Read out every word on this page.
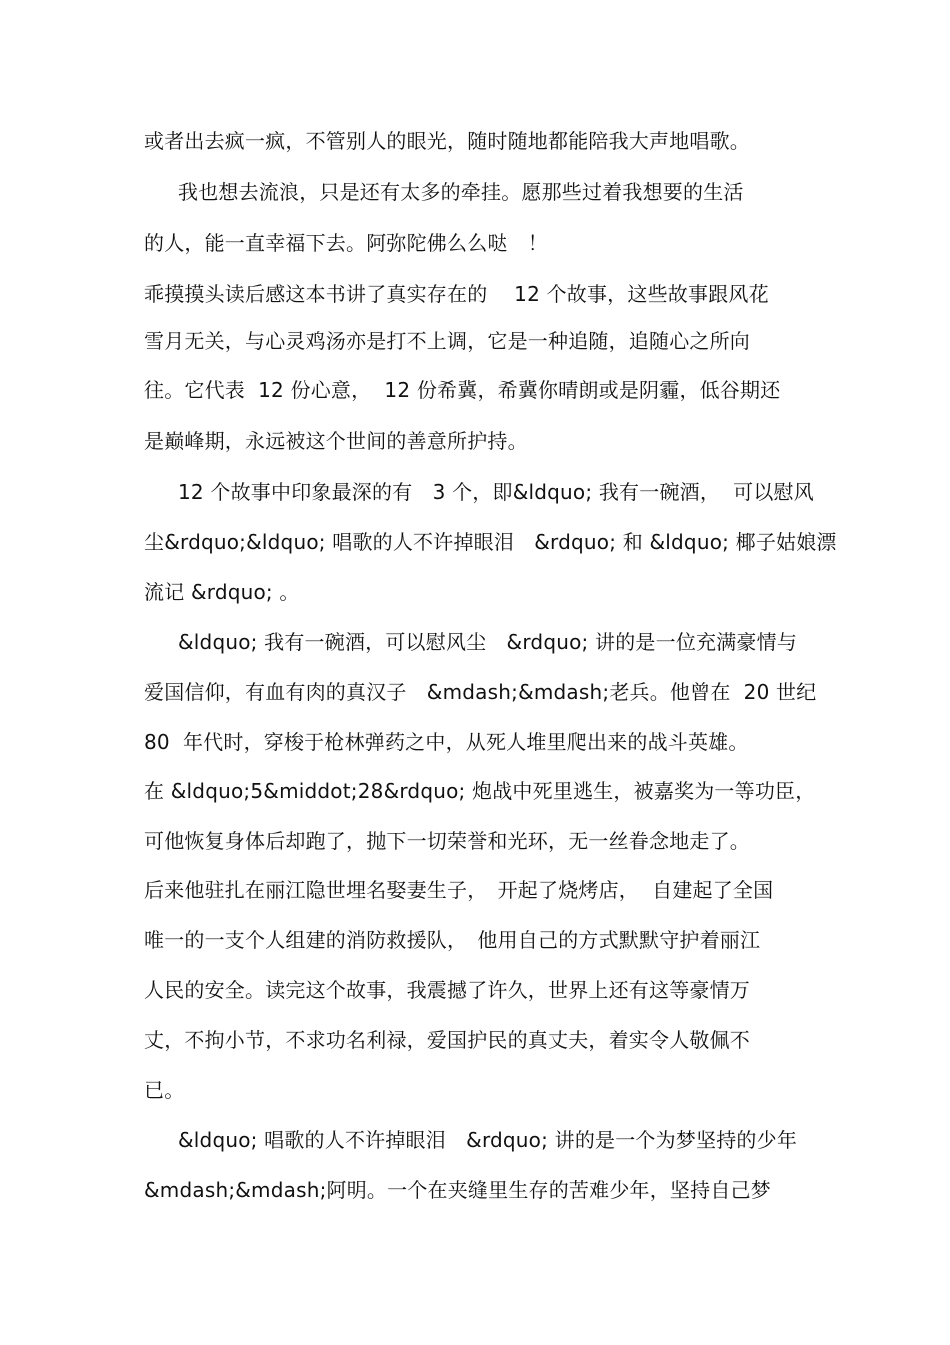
或者出去疯一疯，不管别人的眼光，随时随地都能陪我大声地唱歌。
我也想去流浪，只是还有太多的牵挂。愿那些过着我想要的生活
的人，能一直幸福下去。阿弥陀佛么么哒　！
乖摸摸头读后感这本书讲了真实存在的　 12 个故事，这些故事跟风花
雪月无关，与心灵鸡汤亦是打不上调，它是一种追随，追随心之所向
往。它代表  12 份心意，  12 份希冀，希冀你晴朗或是阴霾，低谷期还
是巅峰期，永远被这个世间的善意所护持。
12 个故事中印象最深的有　3 个，即&ldquo; 我有一碗酒，  可以慰风
尘&rdquo;&ldquo; 唱歌的人不许掉眼泪　&rdquo; 和 &ldquo; 椰子姑娘漂
流记 &rdquo; 。
&ldquo; 我有一碗酒，可以慰风尘　&rdquo; 讲的是一位充满豪情与
爱国信仰，有血有肉的真汉子　&mdash;&mdash;老兵。他曾在  20 世纪
80  年代时，穿梭于枪林弹药之中，从死人堆里爬出来的战斗英雄。
在 &ldquo;5&middot;28&rdquo; 炮战中死里逃生，被嘉奖为一等功臣，
可他恢复身体后却跑了，抛下一切荣誉和光环，无一丝眷念地走了。
后来他驻扎在丽江隐世埋名娶妻生子，　开起了烧烤店，  自建起了全国
唯一的一支个人组建的消防救援队，　他用自己的方式默默守护着丽江
人民的安全。读完这个故事，我震撼了许久，世界上还有这等豪情万
丈，不拘小节，不求功名利禄，爱国护民的真丈夫，着实令人敬佩不
已。
&ldquo; 唱歌的人不许掉眼泪　&rdquo; 讲的是一个为梦坚持的少年
&mdash;&mdash;阿明。一个在夹缝里生存的苦难少年，坚持自己梦
